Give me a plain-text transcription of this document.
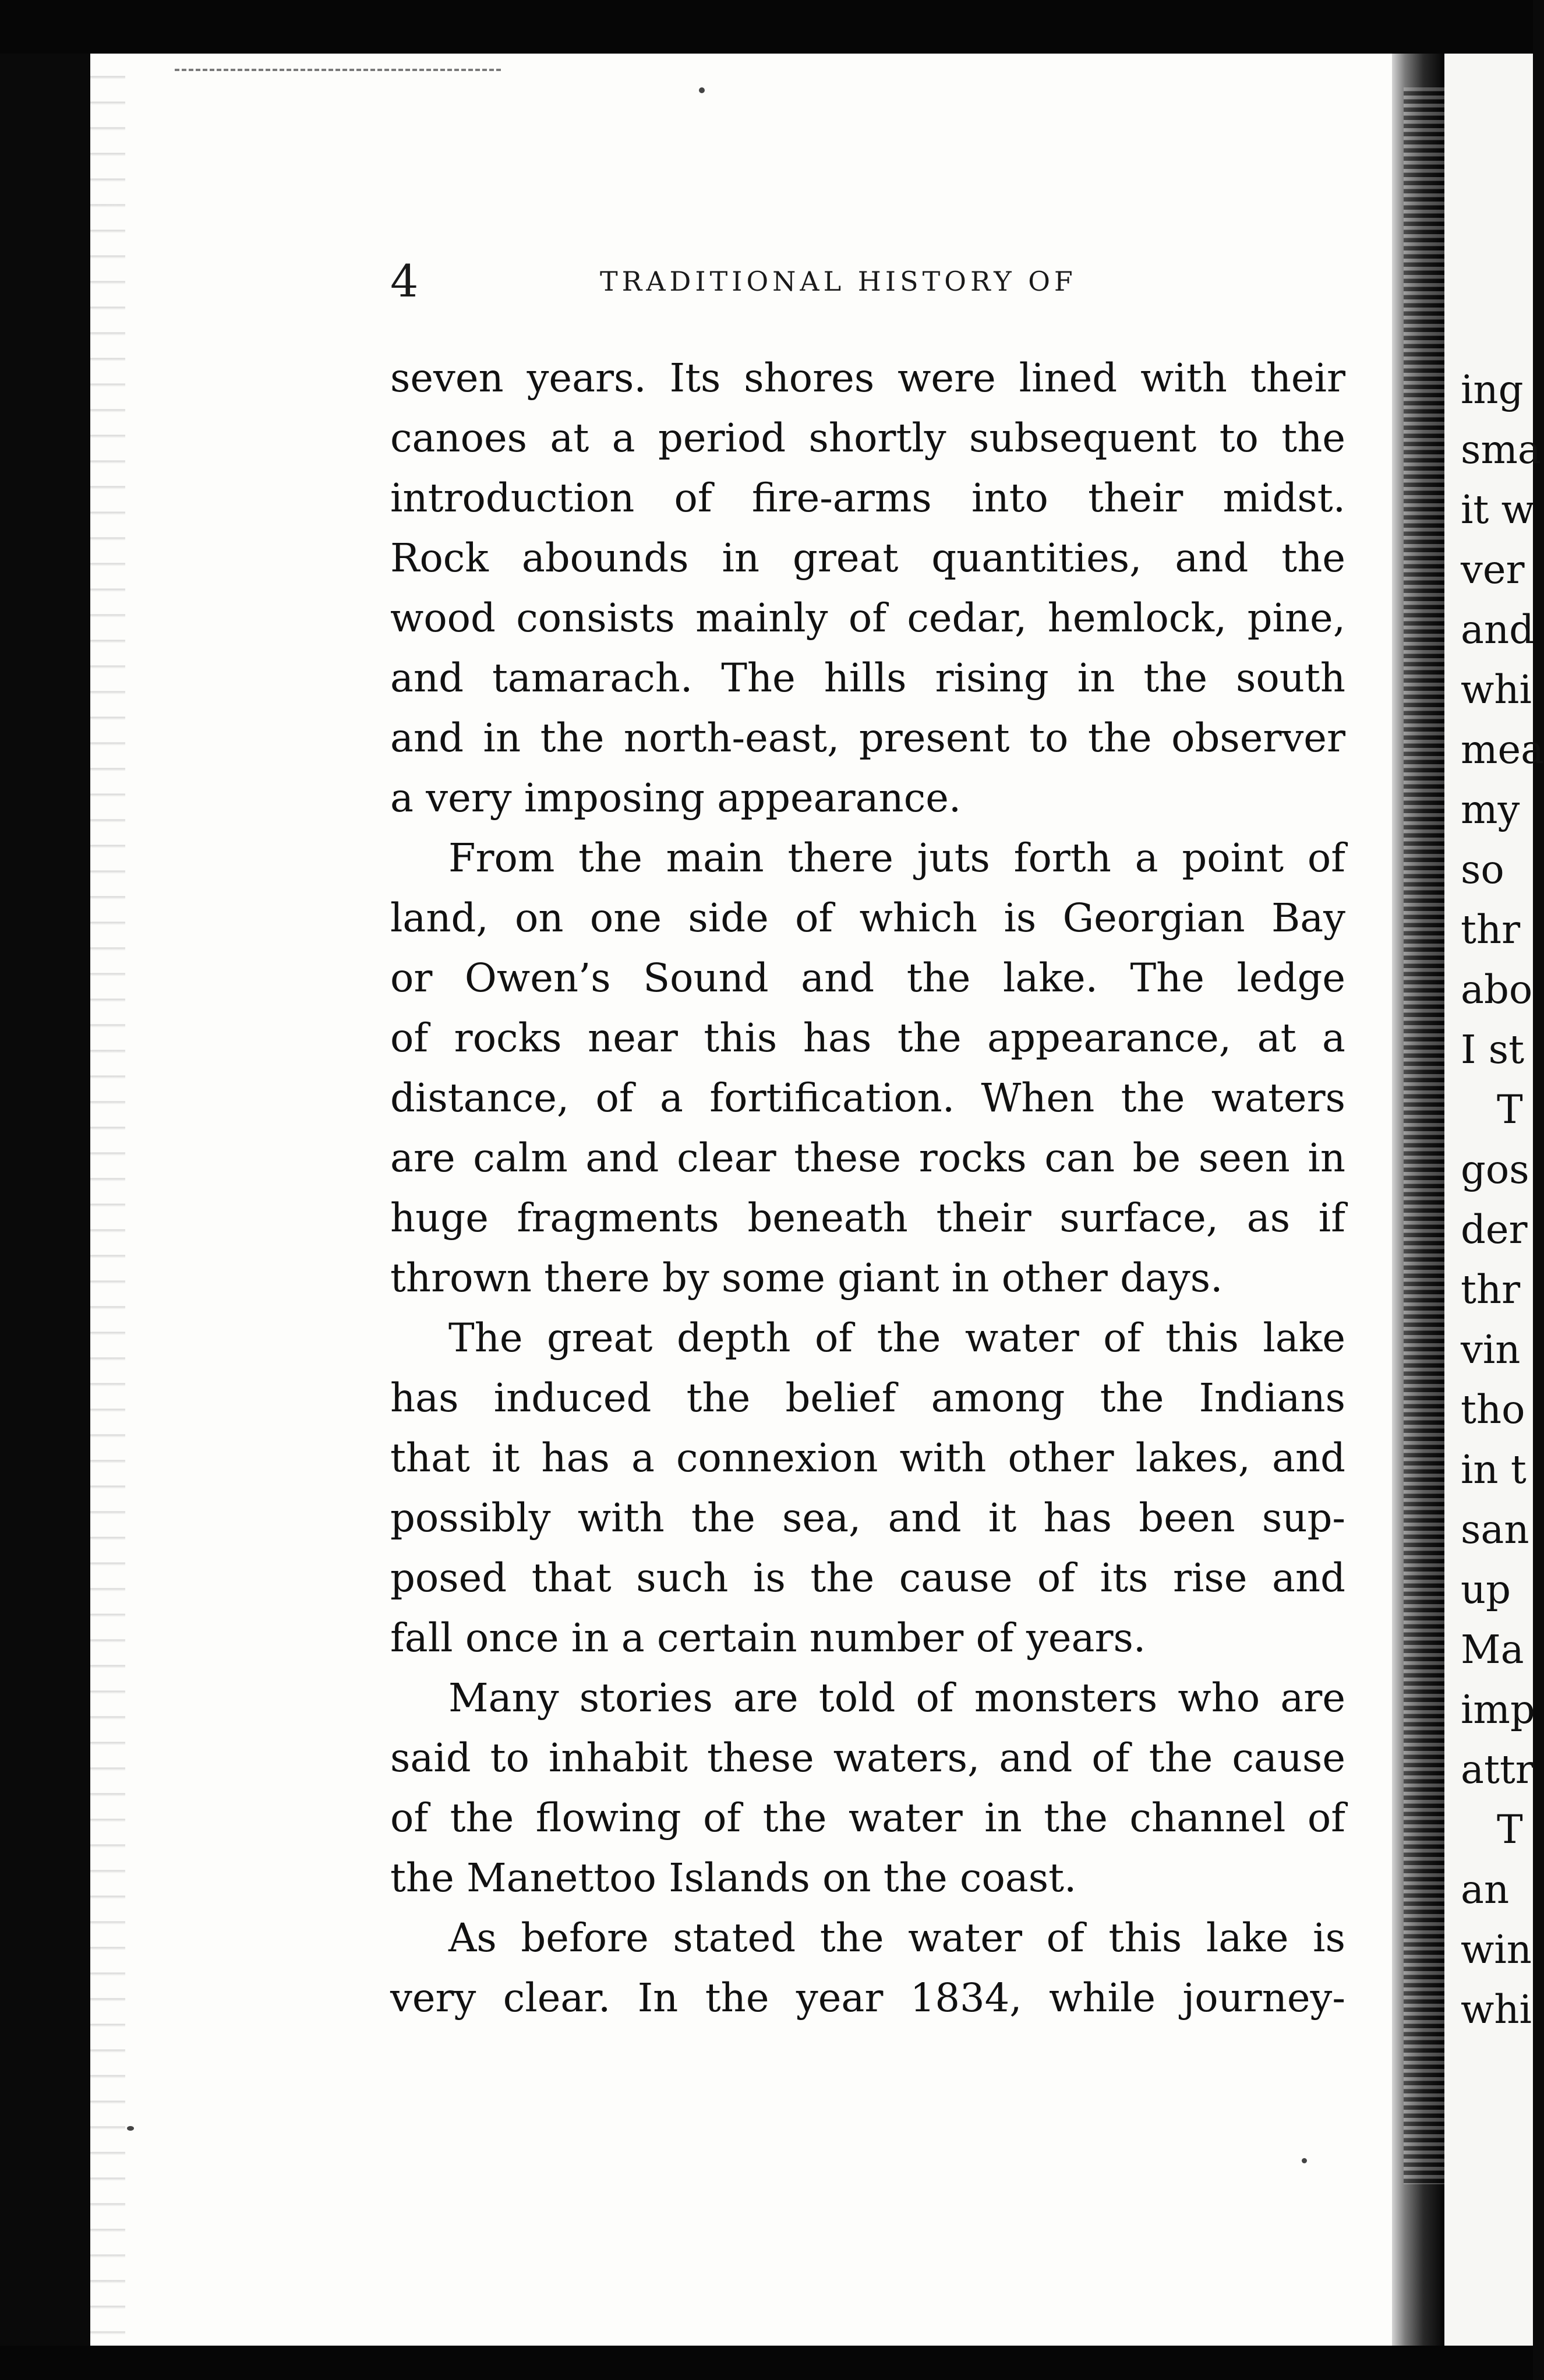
4	TRADITIONAL HISTORY OF
seven years. Its shores were lined with their
canoes at a period shortly subsequent to the
introduction of fire-arms into their midst.
Rock abounds in great quantities, and the
wood consists mainly of cedar, hemlock, pine,
and tamarach. The hills rising in the south
and in the north-east, present to the observer
a very imposing appearance.
From the main there juts forth a point of
land, on one side of which is Georgian Bay
or Owen’s Sound and the lake. The ledge
of rocks near this has the appearance, at a
distance, of a fortification. When the waters
are calm and clear these rocks can be seen in
huge fragments beneath their surface, as if
thrown there by some giant in other days.
The great depth of the water of this lake
has induced the belief among the Indians
that it has a connexion with other lakes, and
possibly with the sea, and it has been sup-
posed that such is the cause of its rise and
fall once in a certain number of years.
Many stories are told of monsters who are
said to inhabit these waters, and of the cause
of the flowing of the water in the channel of
the Manettoo Islands on the coast.
As before stated the water of this lake is
very clear. In the year 1834, while journey-
ing
sma
it w
ver
and
whi
mea
my
so
thr
abo
I st
T
gos
der
thr
vin
tho
in t
san
up
Ma
imp
attr
T
an
win
whi
